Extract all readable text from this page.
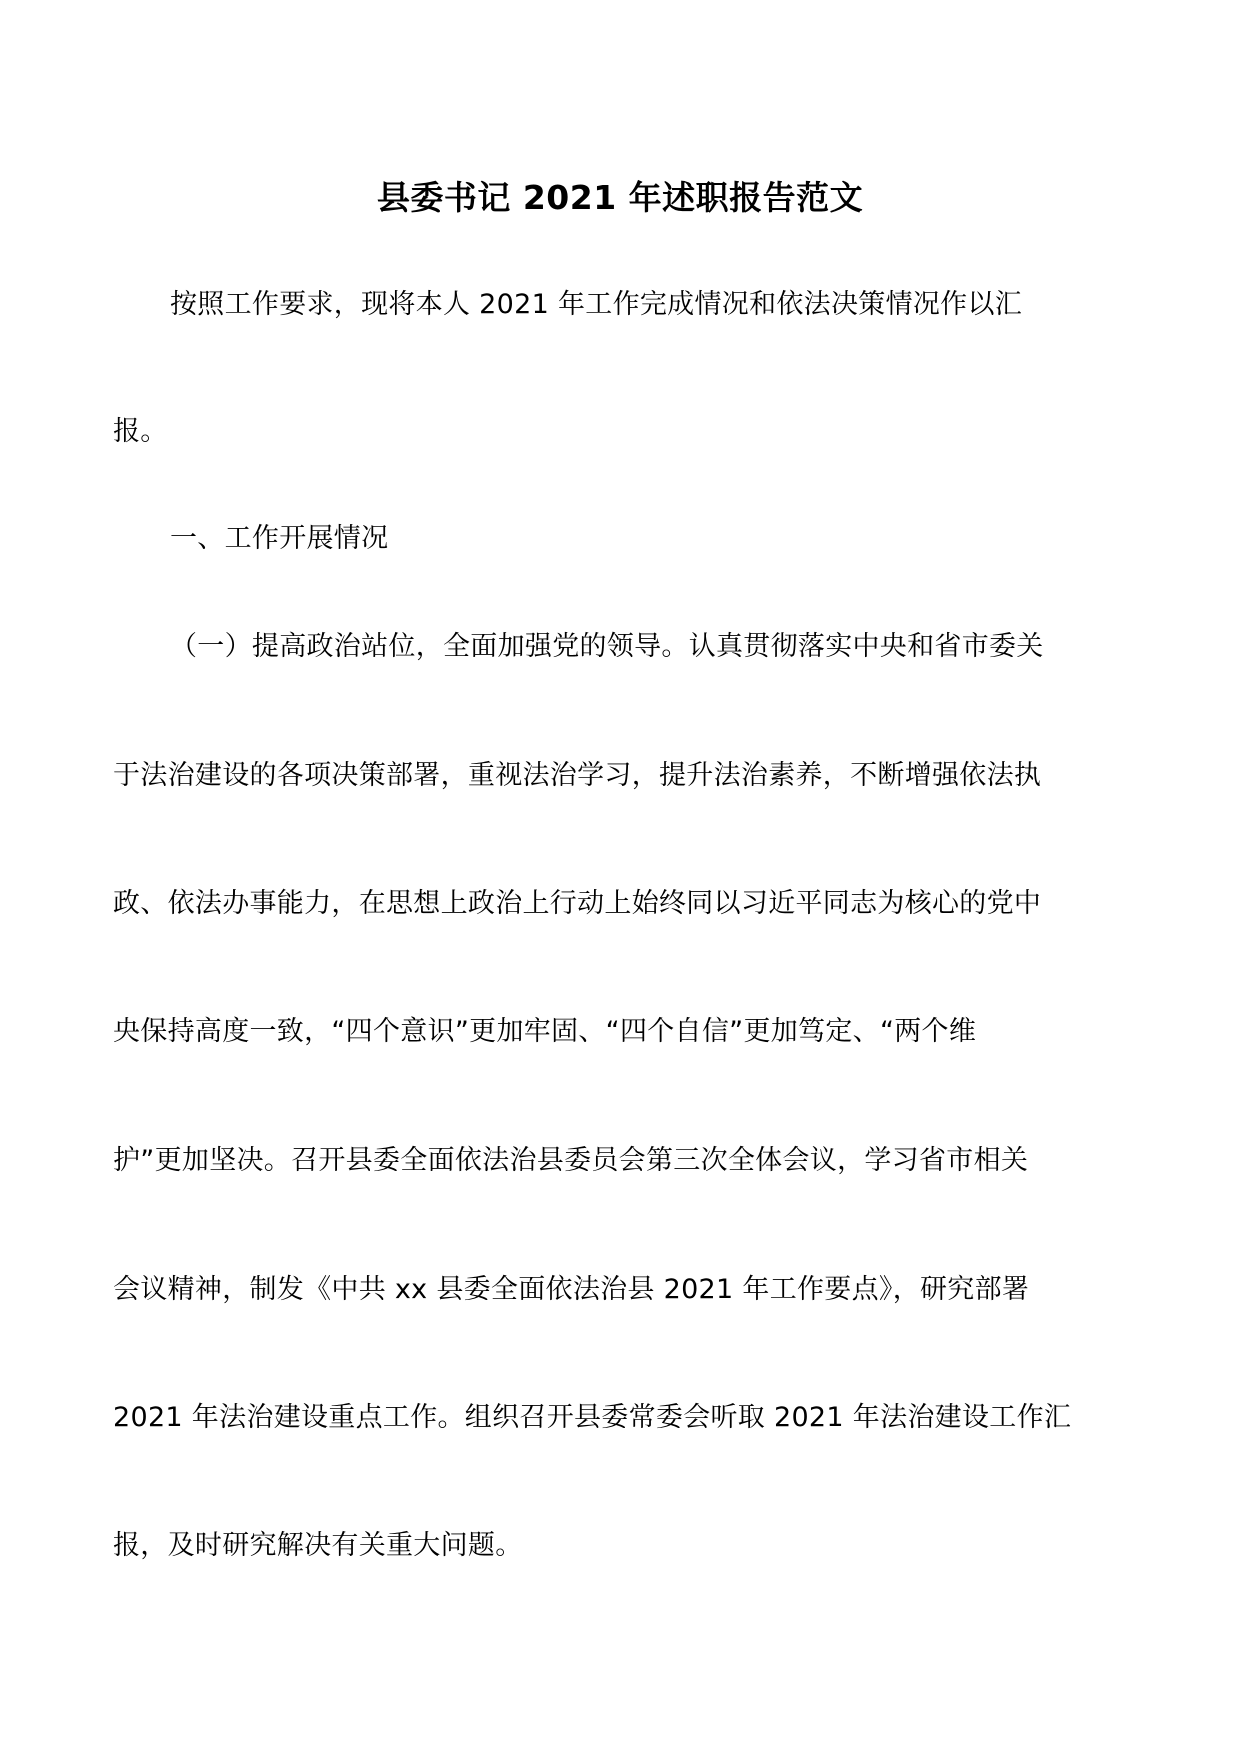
县委书记 2021 年述职报告范文
按照工作要求，现将本人 2021 年工作完成情况和依法决策情况作以汇
报。
一、工作开展情况
（一）提高政治站位，全面加强党的领导。认真贯彻落实中央和省市委关
于法治建设的各项决策部署，重视法治学习，提升法治素养，不断增强依法执
政、依法办事能力，在思想上政治上行动上始终同以习近平同志为核心的党中
央保持高度一致，“四个意识”更加牢固、“四个自信”更加笃定、“两个维
护”更加坚决。召开县委全面依法治县委员会第三次全体会议，学习省市相关
会议精神，制发《中共 xx 县委全面依法治县 2021 年工作要点》，研究部署
2021 年法治建设重点工作。组织召开县委常委会听取 2021 年法治建设工作汇
报，及时研究解决有关重大问题。
